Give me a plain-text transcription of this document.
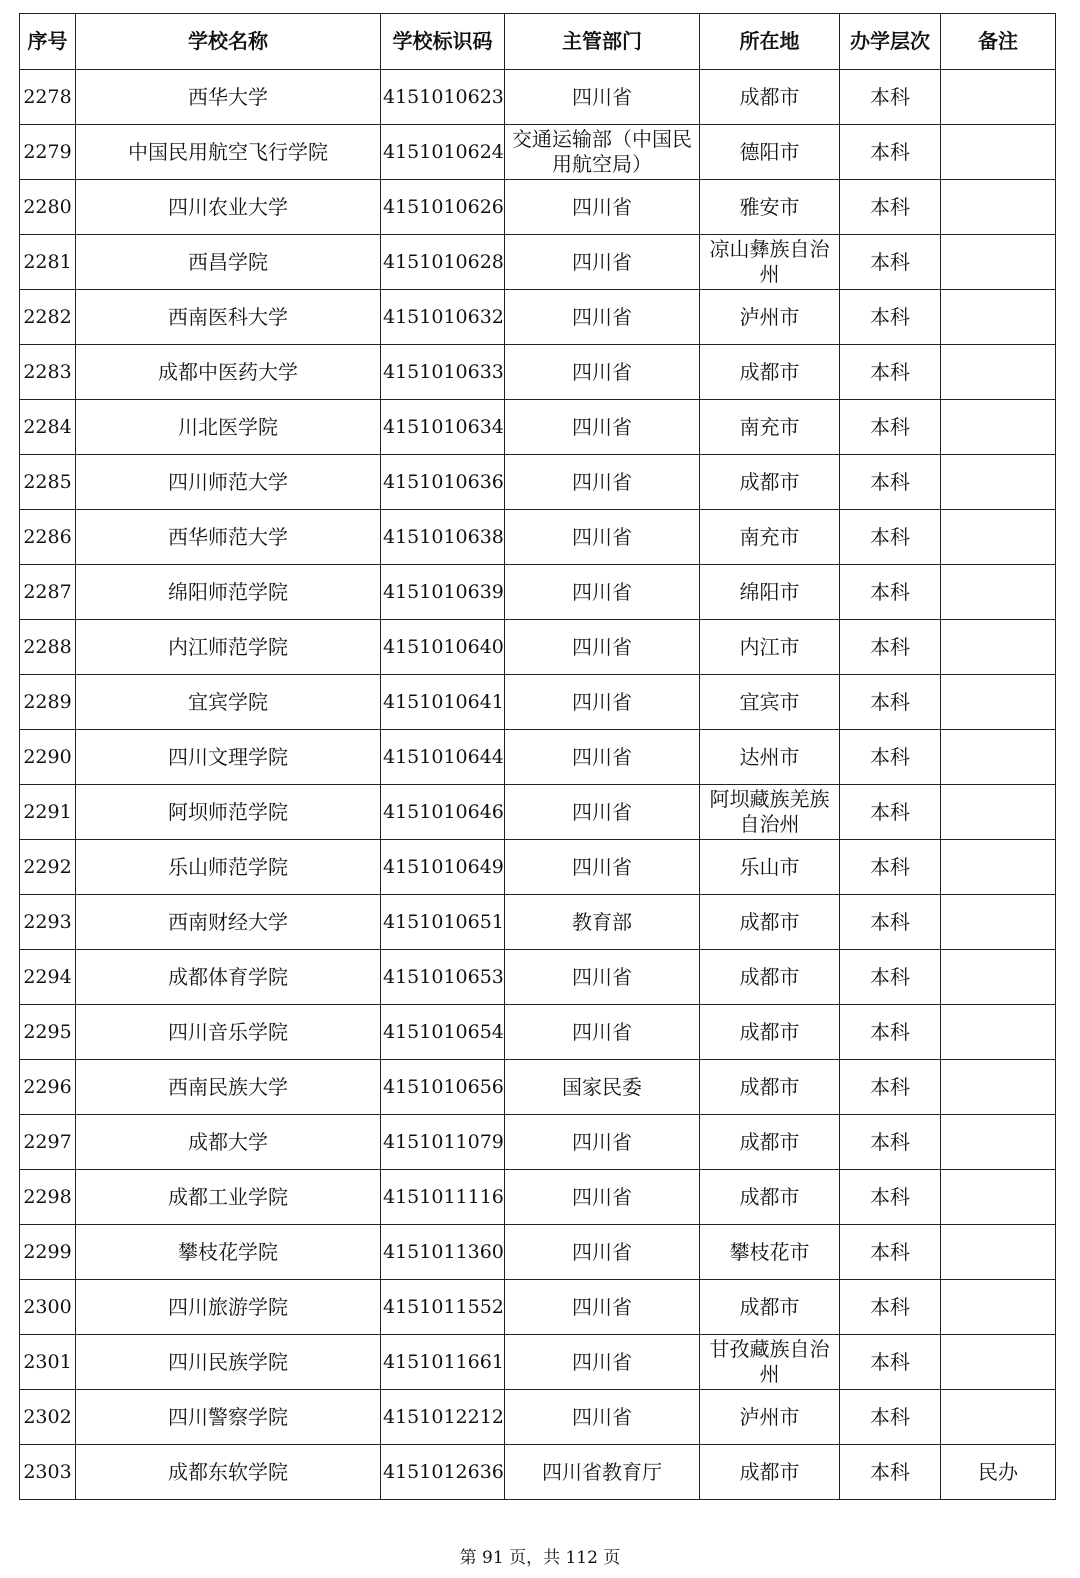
序号	学校名称	学校标识码	主管部门	所在地	办学层次	备注
2278	西华大学	4151010623	四川省	成都市	本科	
2279	中国民用航空飞行学院	4151010624	交通运输部（中国民用航空局）	德阳市	本科	
2280	四川农业大学	4151010626	四川省	雅安市	本科	
2281	西昌学院	4151010628	四川省	凉山彝族自治州	本科	
2282	西南医科大学	4151010632	四川省	泸州市	本科	
2283	成都中医药大学	4151010633	四川省	成都市	本科	
2284	川北医学院	4151010634	四川省	南充市	本科	
2285	四川师范大学	4151010636	四川省	成都市	本科	
2286	西华师范大学	4151010638	四川省	南充市	本科	
2287	绵阳师范学院	4151010639	四川省	绵阳市	本科	
2288	内江师范学院	4151010640	四川省	内江市	本科	
2289	宜宾学院	4151010641	四川省	宜宾市	本科	
2290	四川文理学院	4151010644	四川省	达州市	本科	
2291	阿坝师范学院	4151010646	四川省	阿坝藏族羌族自治州	本科	
2292	乐山师范学院	4151010649	四川省	乐山市	本科	
2293	西南财经大学	4151010651	教育部	成都市	本科	
2294	成都体育学院	4151010653	四川省	成都市	本科	
2295	四川音乐学院	4151010654	四川省	成都市	本科	
2296	西南民族大学	4151010656	国家民委	成都市	本科	
2297	成都大学	4151011079	四川省	成都市	本科	
2298	成都工业学院	4151011116	四川省	成都市	本科	
2299	攀枝花学院	4151011360	四川省	攀枝花市	本科	
2300	四川旅游学院	4151011552	四川省	成都市	本科	
2301	四川民族学院	4151011661	四川省	甘孜藏族自治州	本科	
2302	四川警察学院	4151012212	四川省	泸州市	本科	
2303	成都东软学院	4151012636	四川省教育厅	成都市	本科	民办
第 91 页，共 112 页
